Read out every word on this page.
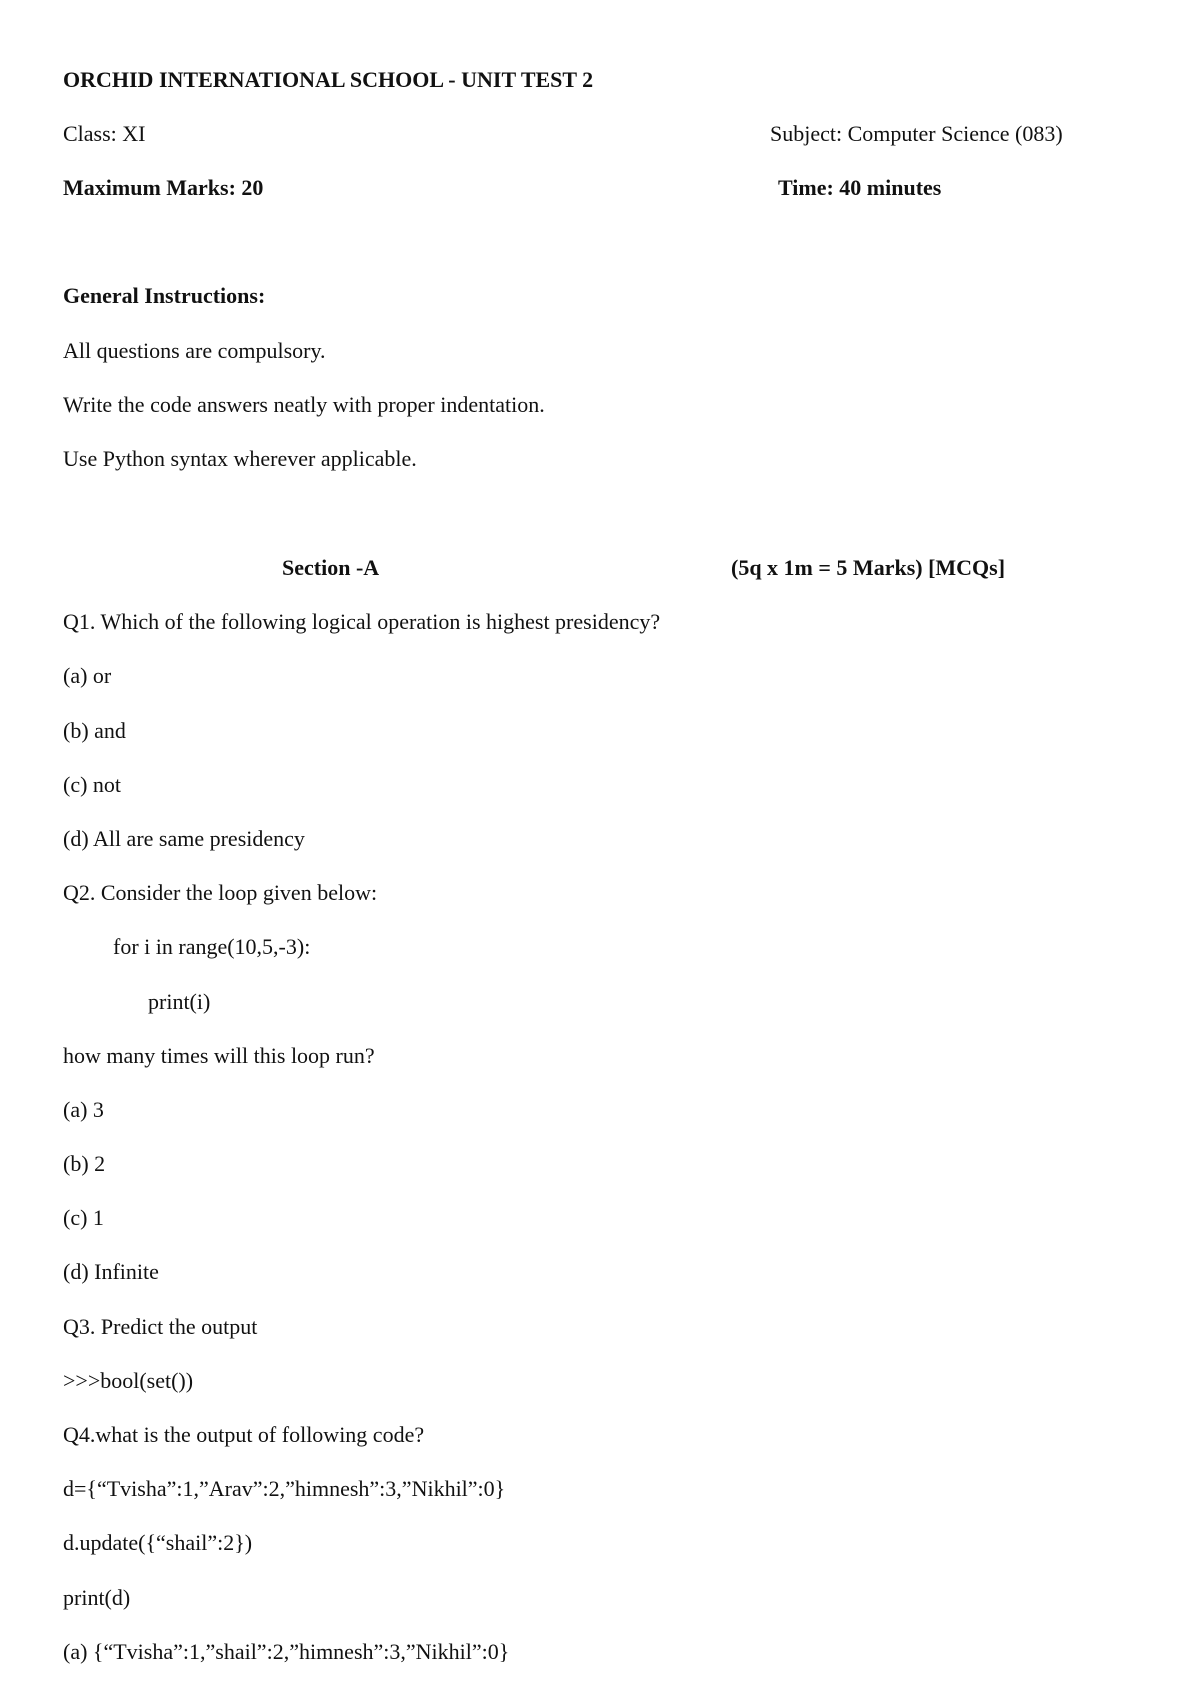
ORCHID INTERNATIONAL SCHOOL - UNIT TEST 2
Class: XI	Subject: Computer Science (083)
Maximum Marks: 20	Time: 40 minutes
General Instructions:
All questions are compulsory.
Write the code answers neatly with proper indentation.
Use Python syntax wherever applicable.
Section -A	(5q x 1m = 5 Marks) [MCQs]
Q1. Which of the following logical operation is highest presidency?
(a) or
(b) and
(c) not
(d) All are same presidency
Q2. Consider the loop given below:
for i in range(10,5,-3):
print(i)
how many times will this loop run?
(a) 3
(b) 2
(c) 1
(d) Infinite
Q3. Predict the output
>>>bool(set())
Q4.what is the output of following code?
d={“Tvisha”:1,”Arav”:2,”himnesh”:3,”Nikhil”:0}
d.update({“shail”:2})
print(d)
(a) {“Tvisha”:1,”shail”:2,”himnesh”:3,”Nikhil”:0}
